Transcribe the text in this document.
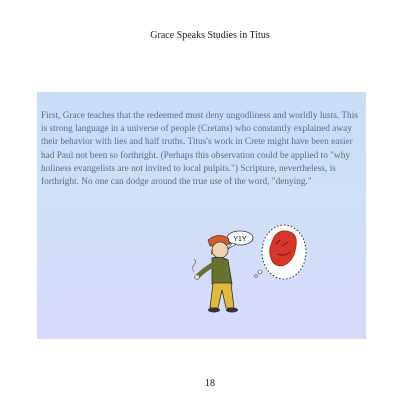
Grace Speaks Studies in Titus
First, Grace teaches that the redeemed must deny ungodliness and worldly lusts. This is strong language in a universe of people (Cretans) who constantly explained away their behavior with lies and half truths. Titus's work in Crete might have been easier had Paul not been so forthright. (Perhaps this observation could be applied to "why holiness evangelists are not invited to local pulpits.") Scripture, nevertheless, is forthright. No one can dodge around the true use of the word, "denying."
Y1Y
18
